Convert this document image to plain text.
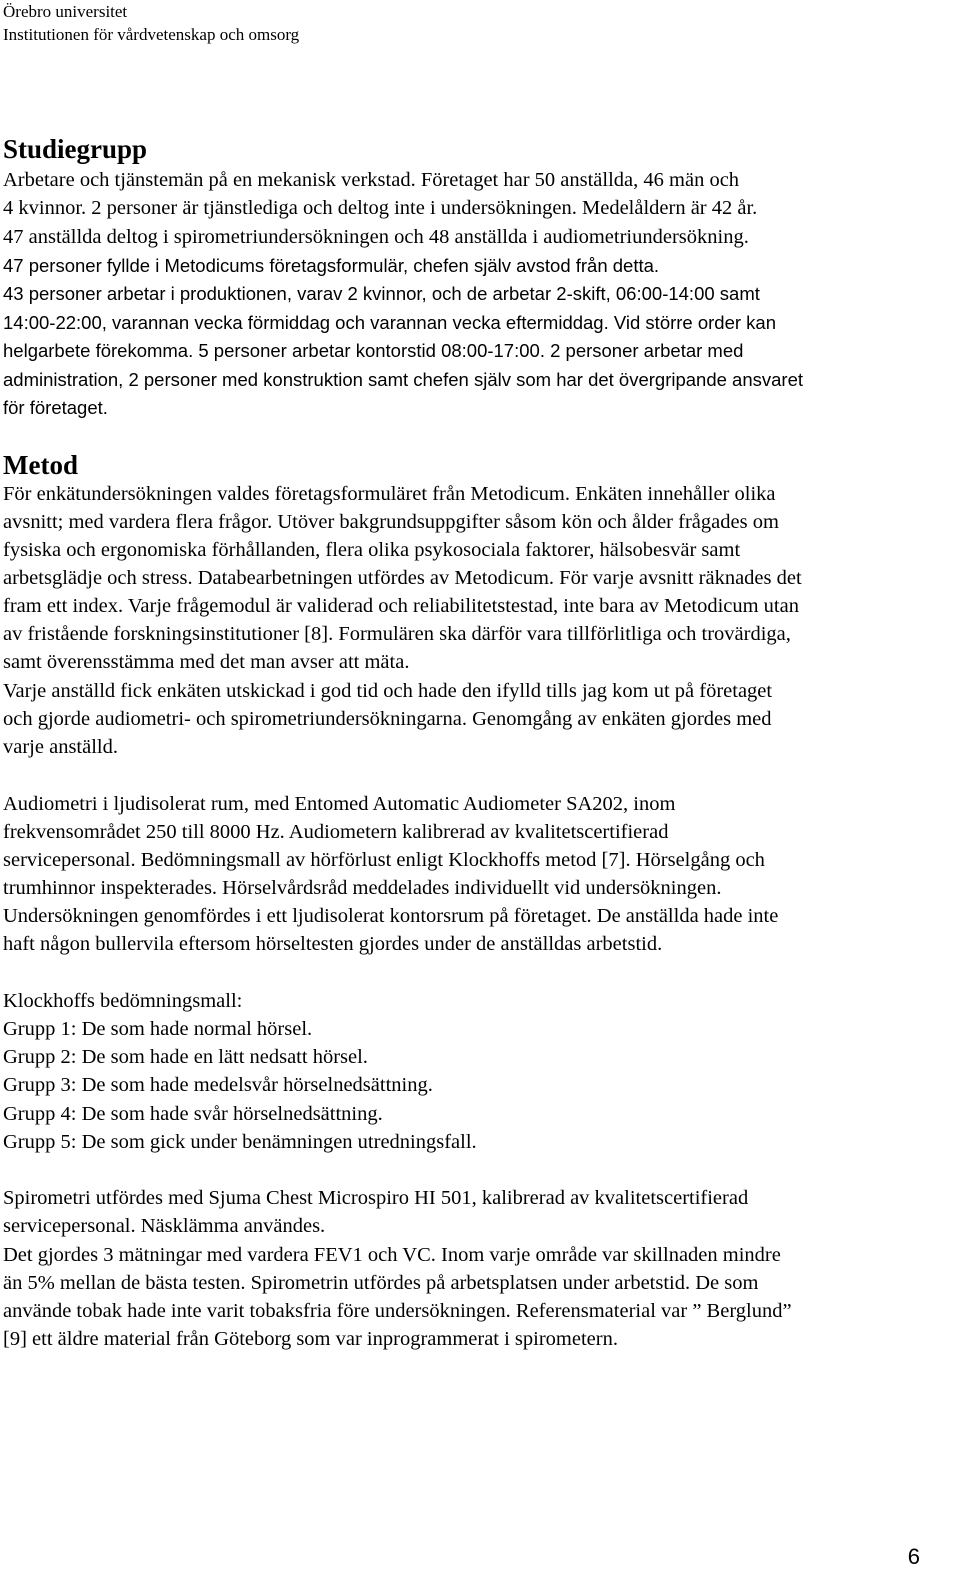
Örebro universitet
Institutionen för vårdvetenskap och omsorg
Studiegrupp
Arbetare och tjänstemän på en mekanisk verkstad. Företaget har 50 anställda, 46 män och
4 kvinnor. 2 personer är tjänstlediga och deltog inte i undersökningen. Medelåldern är 42 år.
47 anställda deltog i spirometriundersökningen och 48 anställda i audiometriundersökning.
47 personer fyllde i Metodicums företagsformulär, chefen själv avstod från detta.
43 personer arbetar i produktionen, varav 2 kvinnor, och de arbetar 2-skift, 06:00-14:00 samt
14:00-22:00, varannan vecka förmiddag och varannan vecka eftermiddag. Vid större order kan
helgarbete förekomma. 5 personer arbetar kontorstid 08:00-17:00. 2 personer arbetar med
administration, 2 personer med konstruktion samt chefen själv som har det övergripande ansvaret
för företaget.
Metod
För enkätundersökningen valdes företagsformuläret från Metodicum. Enkäten innehåller olika
avsnitt; med vardera flera frågor. Utöver bakgrundsuppgifter såsom kön och ålder frågades om
fysiska och ergonomiska förhållanden, flera olika psykosociala faktorer, hälsobesvär samt
arbetsglädje och stress. Databearbetningen utfördes av Metodicum. För varje avsnitt räknades det
fram ett index. Varje frågemodul är validerad och reliabilitetstestad, inte bara av Metodicum utan
av fristående forskningsinstitutioner [8]. Formulären ska därför vara tillförlitliga och trovärdiga,
samt överensstämma med det man avser att mäta.
Varje anställd fick enkäten utskickad i god tid och hade den ifylld tills jag kom ut på företaget
och gjorde audiometri- och spirometriundersökningarna. Genomgång av enkäten gjordes med
varje anställd.
Audiometri i ljudisolerat rum, med Entomed Automatic Audiometer SA202, inom
frekvensområdet 250 till 8000 Hz. Audiometern kalibrerad av kvalitetscertifierad
servicepersonal. Bedömningsmall av hörförlust enligt Klockhoffs metod [7]. Hörselgång och
trumhinnor inspekterades. Hörselvårdsråd meddelades individuellt vid undersökningen.
Undersökningen genomfördes i ett ljudisolerat kontorsrum på företaget. De anställda hade inte
haft någon bullervila eftersom hörseltesten gjordes under de anställdas arbetstid.
Klockhoffs bedömningsmall:
Grupp 1: De som hade normal hörsel.
Grupp 2: De som hade en lätt nedsatt hörsel.
Grupp 3: De som hade medelsvår hörselnedsättning.
Grupp 4: De som hade svår hörselnedsättning.
Grupp 5: De som gick under benämningen utredningsfall.
Spirometri utfördes med Sjuma Chest Microspiro HI 501, kalibrerad av kvalitetscertifierad
servicepersonal. Näsklämma användes.
Det gjordes 3 mätningar med vardera FEV1 och VC. Inom varje område var skillnaden mindre
än 5% mellan de bästa testen. Spirometrin utfördes på arbetsplatsen under arbetstid. De som
använde tobak hade inte varit tobaksfria före undersökningen. Referensmaterial var ” Berglund”
[9] ett äldre material från Göteborg som var inprogrammerat i spirometern.
6
